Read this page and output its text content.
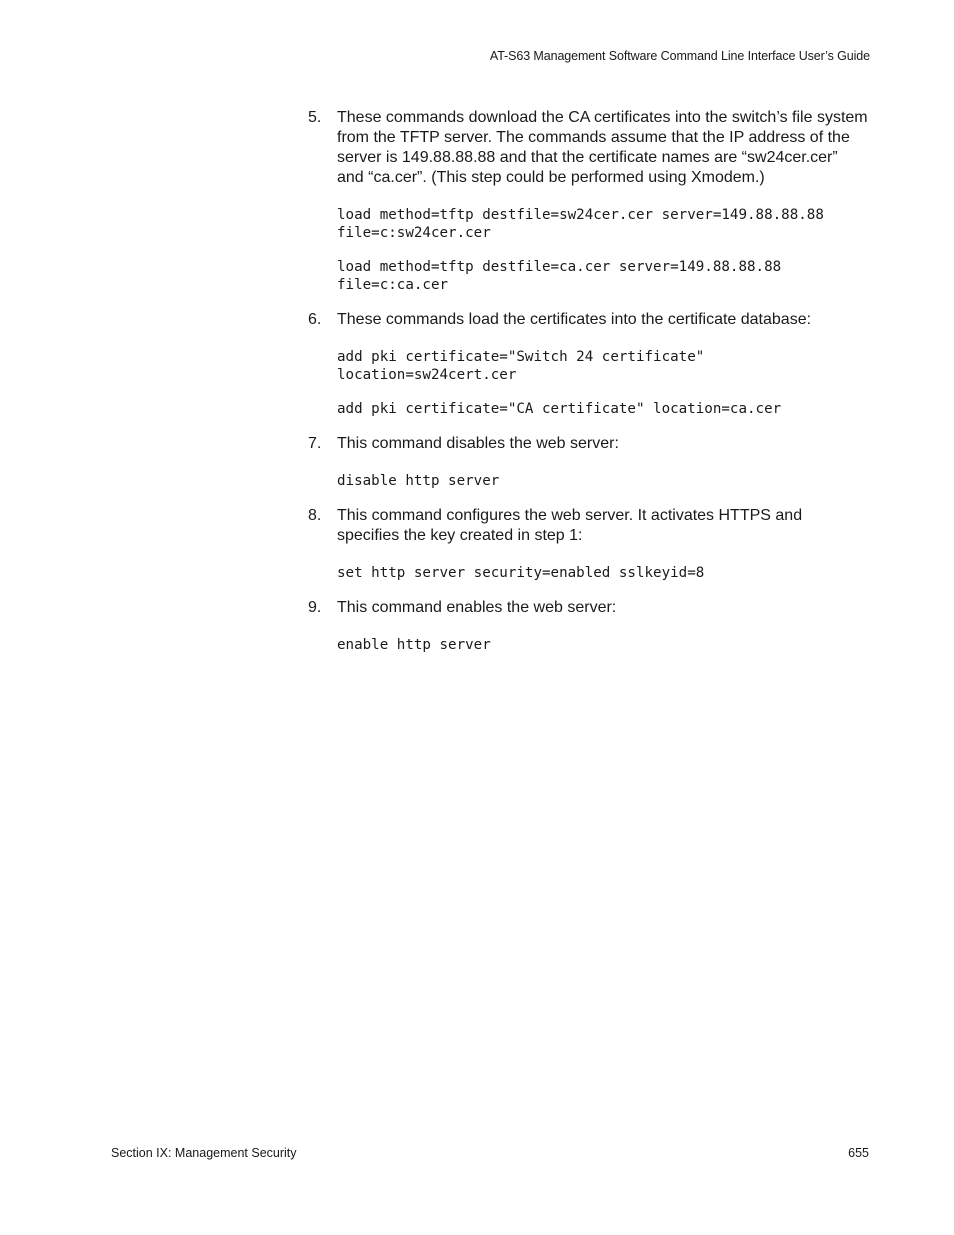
AT-S63 Management Software Command Line Interface User’s Guide
5. These commands download the CA certificates into the switch’s file system from the TFTP server. The commands assume that the IP address of the server is 149.88.88.88 and that the certificate names are “sw24cer.cer” and “ca.cer”. (This step could be performed using Xmodem.)
load method=tftp destfile=sw24cer.cer server=149.88.88.88
file=c:sw24cer.cer
load method=tftp destfile=ca.cer server=149.88.88.88
file=c:ca.cer
6. These commands load the certificates into the certificate database:
add pki certificate="Switch 24 certificate"
location=sw24cert.cer
add pki certificate="CA certificate" location=ca.cer
7. This command disables the web server:
disable http server
8. This command configures the web server. It activates HTTPS and specifies the key created in step 1:
set http server security=enabled sslkeyid=8
9. This command enables the web server:
enable http server
Section IX: Management Security	655
